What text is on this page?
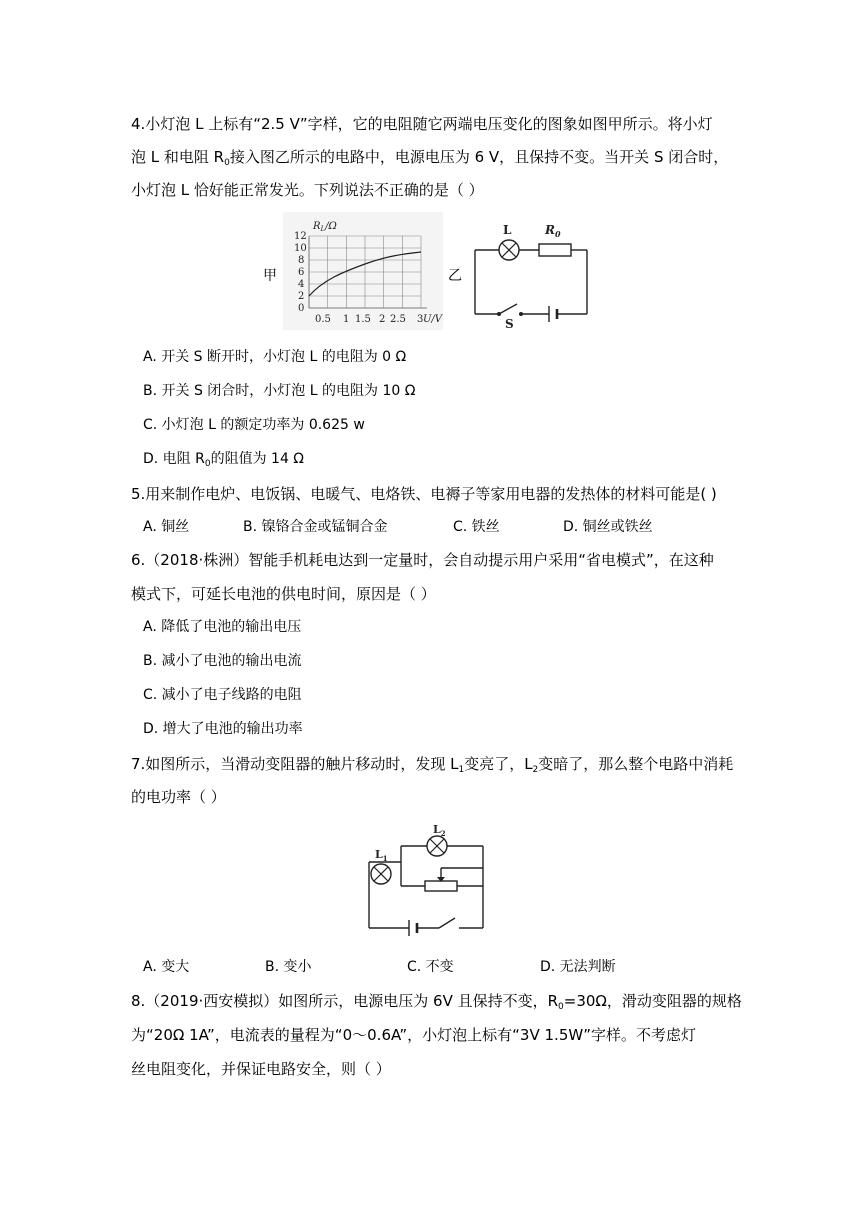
4.小灯泡 L 上标有“2.5 V”字样，它的电阻随它两端电压变化的图象如图甲所示。将小灯
泡 L 和电阻 $R_0$接入图乙所示的电路中，电源电压为 6 V，且保持不变。当开关 S 闭合时，
小灯泡 L 恰好能正常发光。下列说法不正确的是（ ）
甲
$R_L/\Omega$
12
10
8
6
4
2
0
0.5 1 1.5 2 2.5 3 U/V
乙
L	$R_0$
S
A. 开关 S 断开时，小灯泡 L 的电阻为 0 Ω
B. 开关 S 闭合时，小灯泡 L 的电阻为 10 Ω
C. 小灯泡 L 的额定功率为 0.625 w
D. 电阻 $R_0$的阻值为 14 Ω
5.用来制作电炉、电饭锅、电暖气、电烙铁、电褥子等家用电器的发热体的材料可能是( )
A. 铜丝	B. 镍铬合金或锰铜合金	C. 铁丝	D. 铜丝或铁丝
6.（2018·株洲）智能手机耗电达到一定量时，会自动提示用户采用“省电模式”，在这种
模式下，可延长电池的供电时间，原因是（ ）
A. 降低了电池的输出电压
B. 减小了电池的输出电流
C. 减小了电子线路的电阻
D. 增大了电池的输出功率
7.如图所示，当滑动变阻器的触片移动时，发现 $L_1$变亮了，$L_2$变暗了，那么整个电路中消耗
的电功率（ ）
$L_1$
$L_2$
A. 变大	B. 变小	C. 不变	D. 无法判断
8.（2019·西安模拟）如图所示，电源电压为 6V 且保持不变，$R_0=30\Omega$，滑动变阻器的规格
为“20Ω 1A”，电流表的量程为“0～0.6A”，小灯泡上标有“3V 1.5W”字样。不考虑灯
丝电阻变化，并保证电路安全，则（ ）
